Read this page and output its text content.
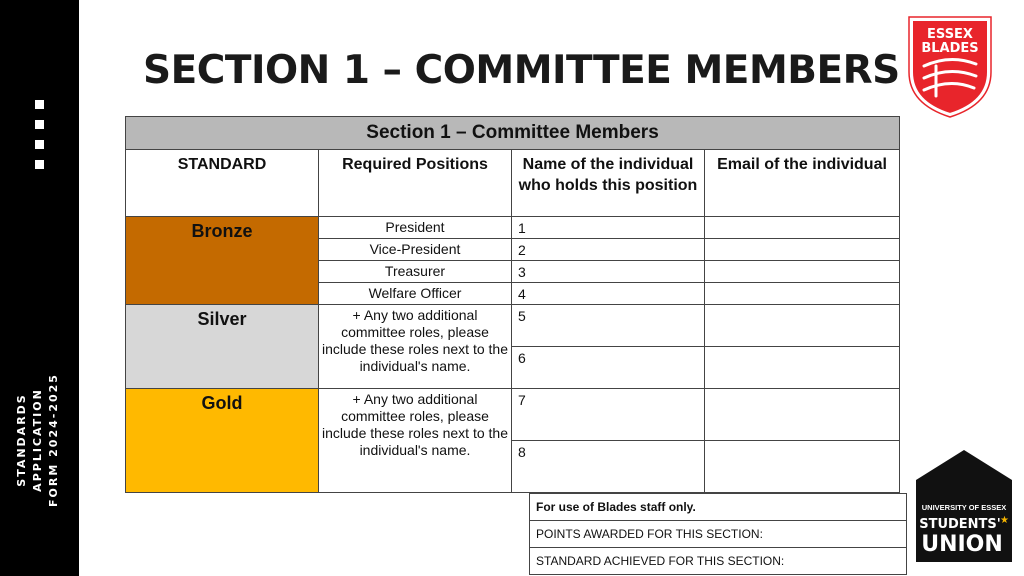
STANDARDS APPLICATION FORM 2024-2025
SECTION 1 – COMMITTEE MEMBERS
ESSEX
BLADES
Section 1 – Committee Members			
STANDARD	Required Positions	Name of the individual who holds this position	Email of the individual
Bronze	President	1	
	Vice-President	2	
	Treasurer	3	
	Welfare Officer	4	
Silver	+ Any two additional committee roles, please include these roles next to the individual's name.	5	
		6	
Gold	+ Any two additional committee roles, please include these roles next to the individual's name.	7	
		8	
For use of Blades staff only.
POINTS AWARDED FOR THIS SECTION:
STANDARD ACHIEVED FOR THIS SECTION:
UNIVERSITY OF ESSEX
STUDENTS' ★
UNION
